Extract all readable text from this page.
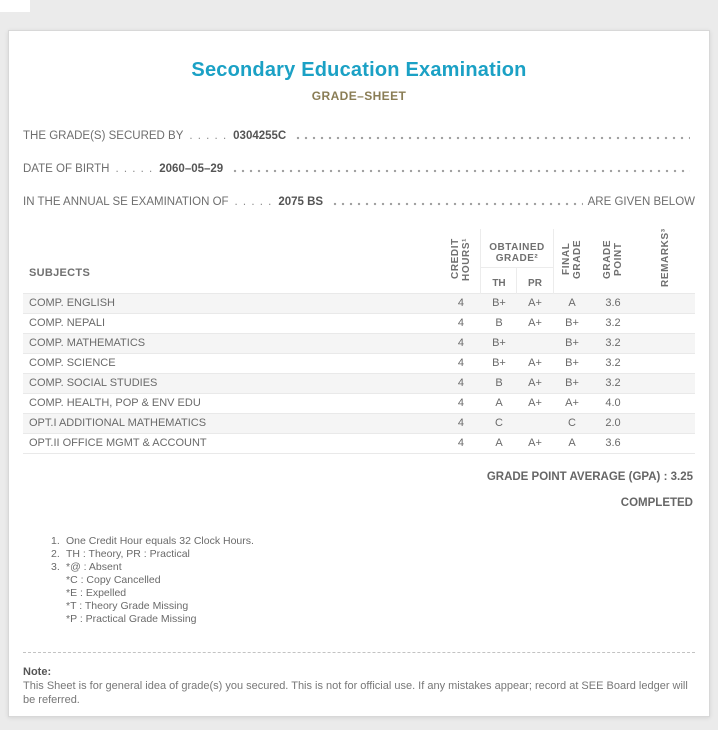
Secondary Education Examination
GRADE–SHEET
THE GRADE(S) SECURED BY . . . . . 0304255C
DATE OF BIRTH . . . . . 2060–05–29
IN THE ANNUAL SE EXAMINATION OF . . . . . 2075 BS	ARE GIVEN BELOW
SUBJECTS	CREDIT HOURS¹	OBTAINED GRADE²		FINAL GRADE	GRADE POINT	REMARKS³
		TH	PR			
COMP. ENGLISH	4	B+	A+	A	3.6	
COMP. NEPALI	4	B	A+	B+	3.2	
COMP. MATHEMATICS	4	B+		B+	3.2	
COMP. SCIENCE	4	B+	A+	B+	3.2	
COMP. SOCIAL STUDIES	4	B	A+	B+	3.2	
COMP. HEALTH, POP & ENV EDU	4	A	A+	A+	4.0	
OPT.I ADDITIONAL MATHEMATICS	4	C		C	2.0	
OPT.II OFFICE MGMT & ACCOUNT	4	A	A+	A	3.6	
GRADE POINT AVERAGE (GPA) : 3.25
COMPLETED
1. One Credit Hour equals 32 Clock Hours.
2. TH : Theory, PR : Practical
3. *@ : Absent
*C : Copy Cancelled
*E : Expelled
*T : Theory Grade Missing
*P : Practical Grade Missing
Note:
This Sheet is for general idea of grade(s) you secured. This is not for official use. If any mistakes appear; record at SEE Board ledger will be referred.
